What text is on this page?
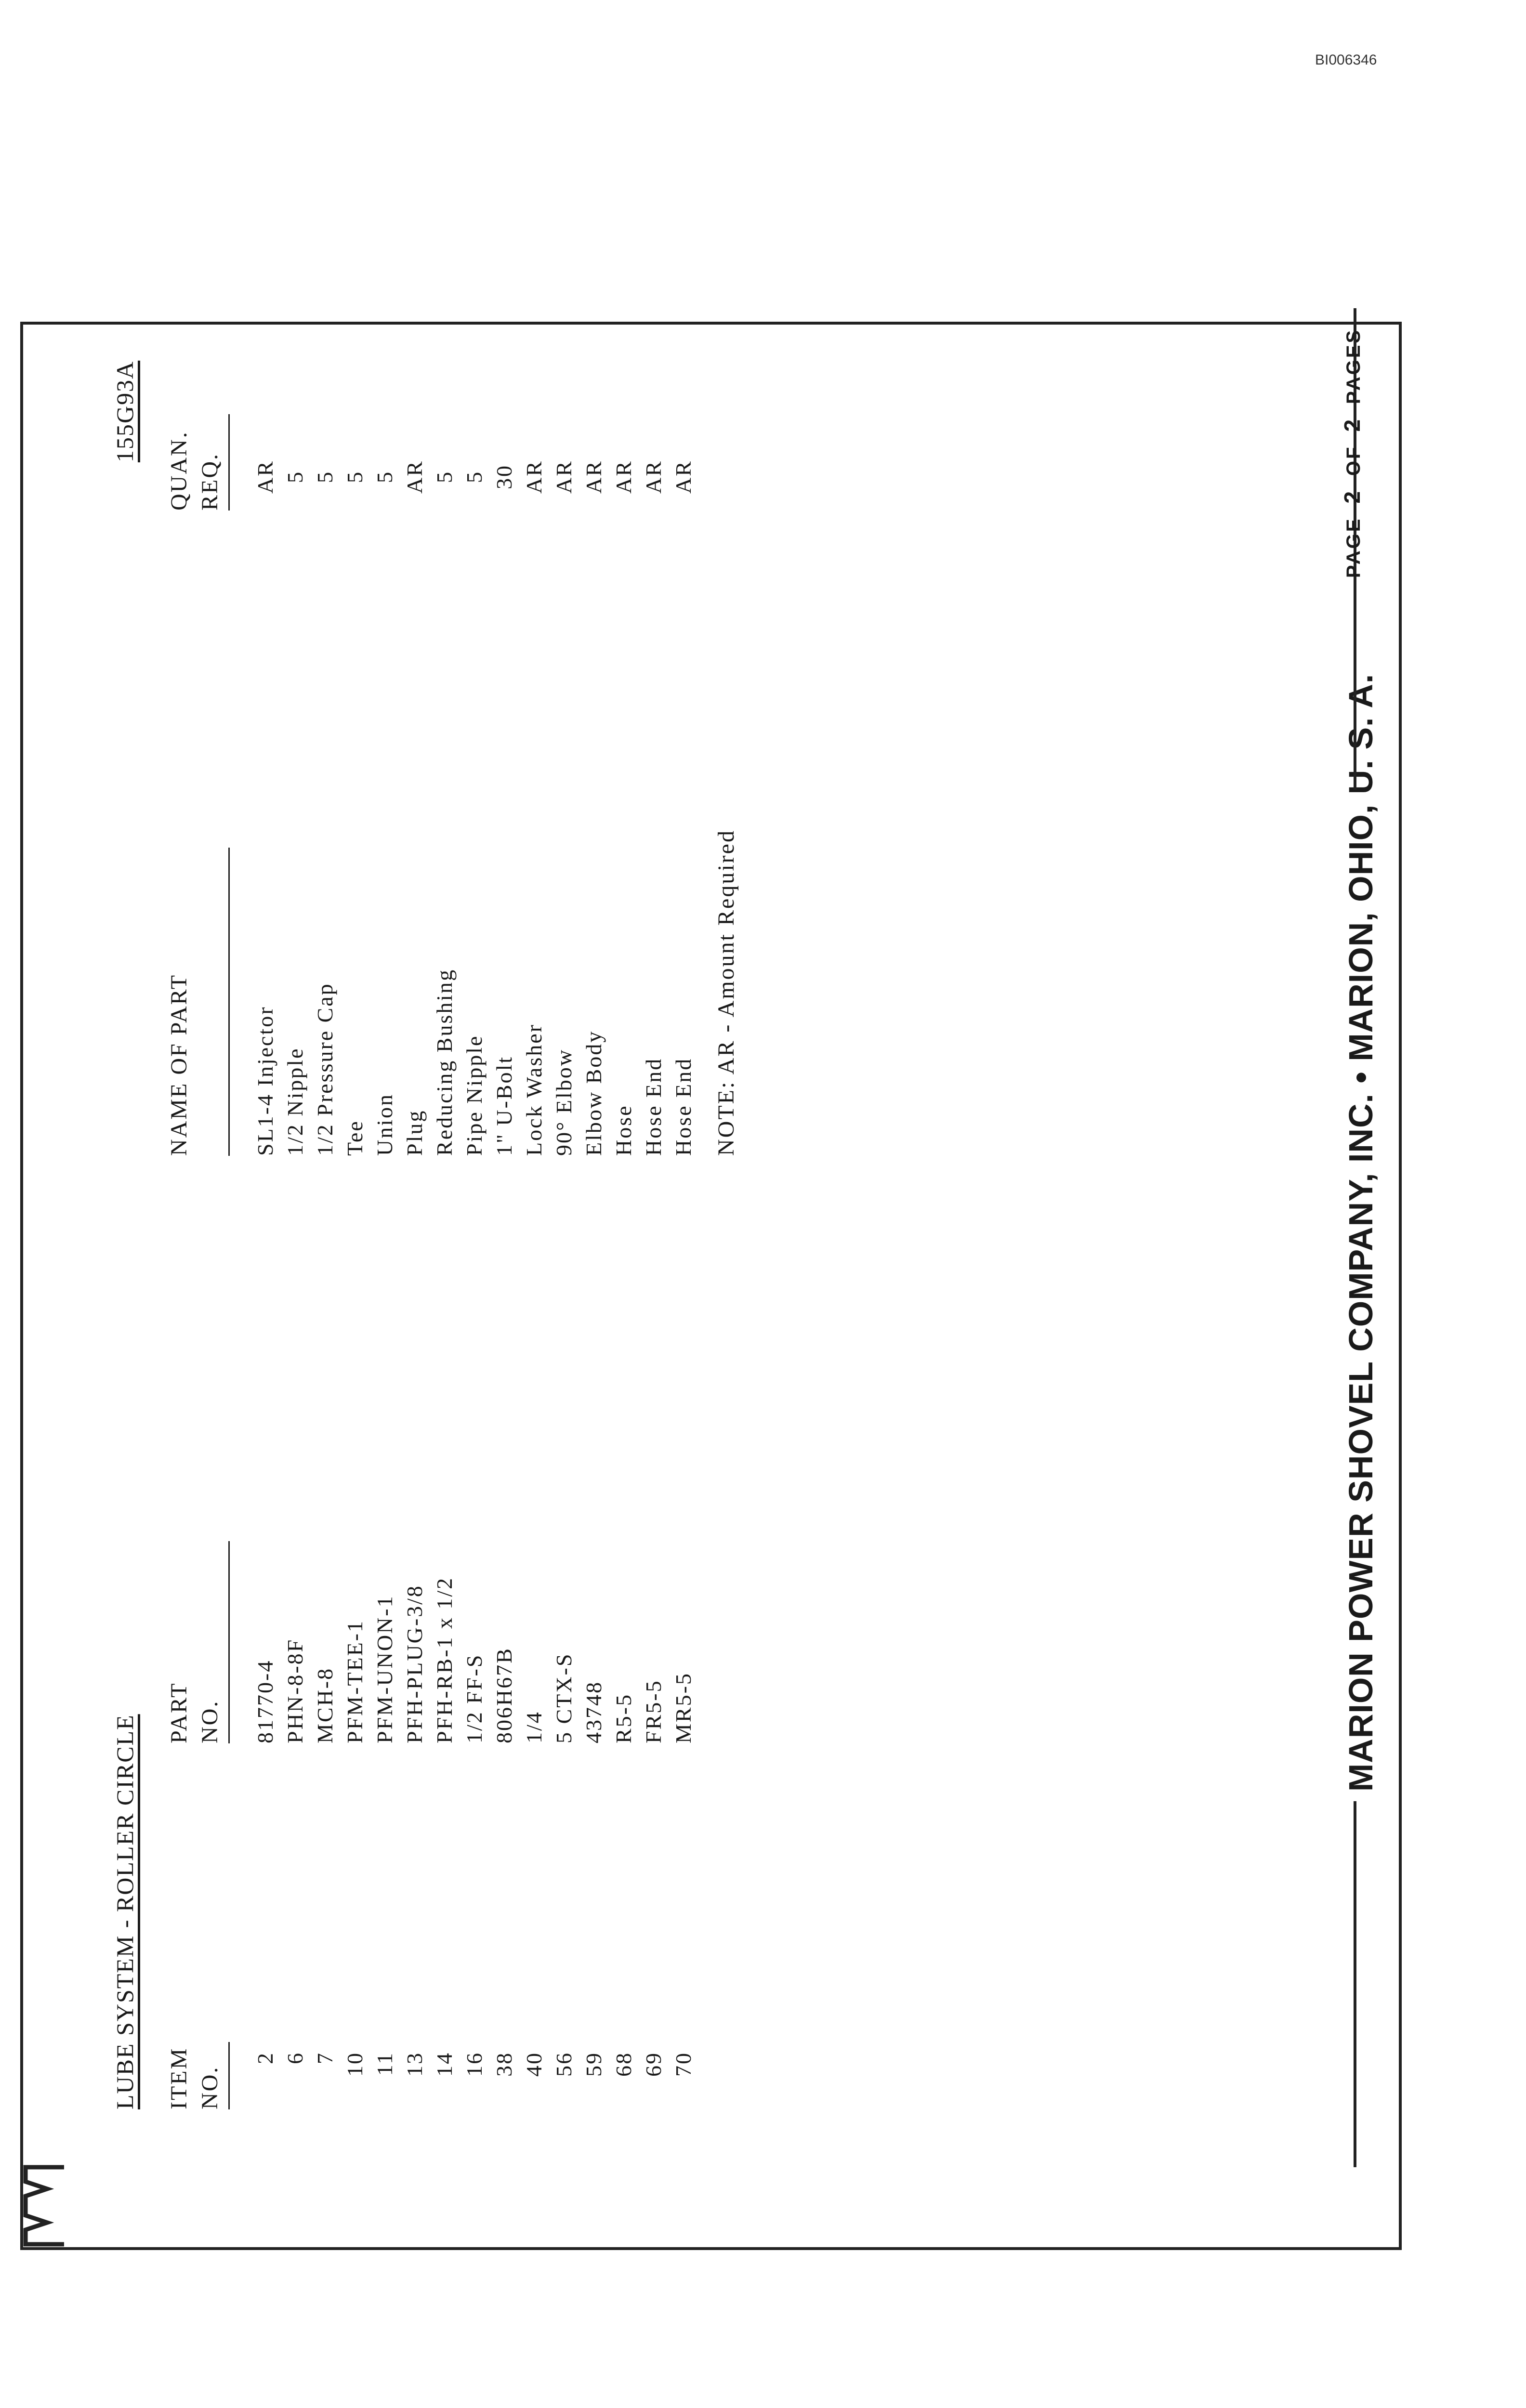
BI006346
LUBE SYSTEM - ROLLER CIRCLE
155G93A
ITEM NO.
PART NO.
NAME OF PART

QUAN. REQ.
2
81770-4
SL1-4 Injector
AR
6
PHN-8-8F
1/2 Nipple
5
7
MCH-8
1/2 Pressure Cap
5
10
PFM-TEE-1
Tee
5
11
PFM-UNON-1
Union
5
13
PFH-PLUG-3/8
Plug
AR
14
PFH-RB-1 x 1/2
Reducing Bushing
5
16
1/2 FF-S
Pipe Nipple
5
38
806H67B
1" U-Bolt
30
40
1/4
Lock Washer
AR
56
5 CTX-S
90° Elbow
AR
59
43748
Elbow Body
AR
68
R5-5
Hose
AR
69
FR5-5
Hose End
AR
70
MR5-5
Hose End
AR
NOTE: AR - Amount Required	MARION POWER SHOVEL COMPANY, INC. • MARION, OHIO, U. S. A.
PAGE2OF2PAGES
